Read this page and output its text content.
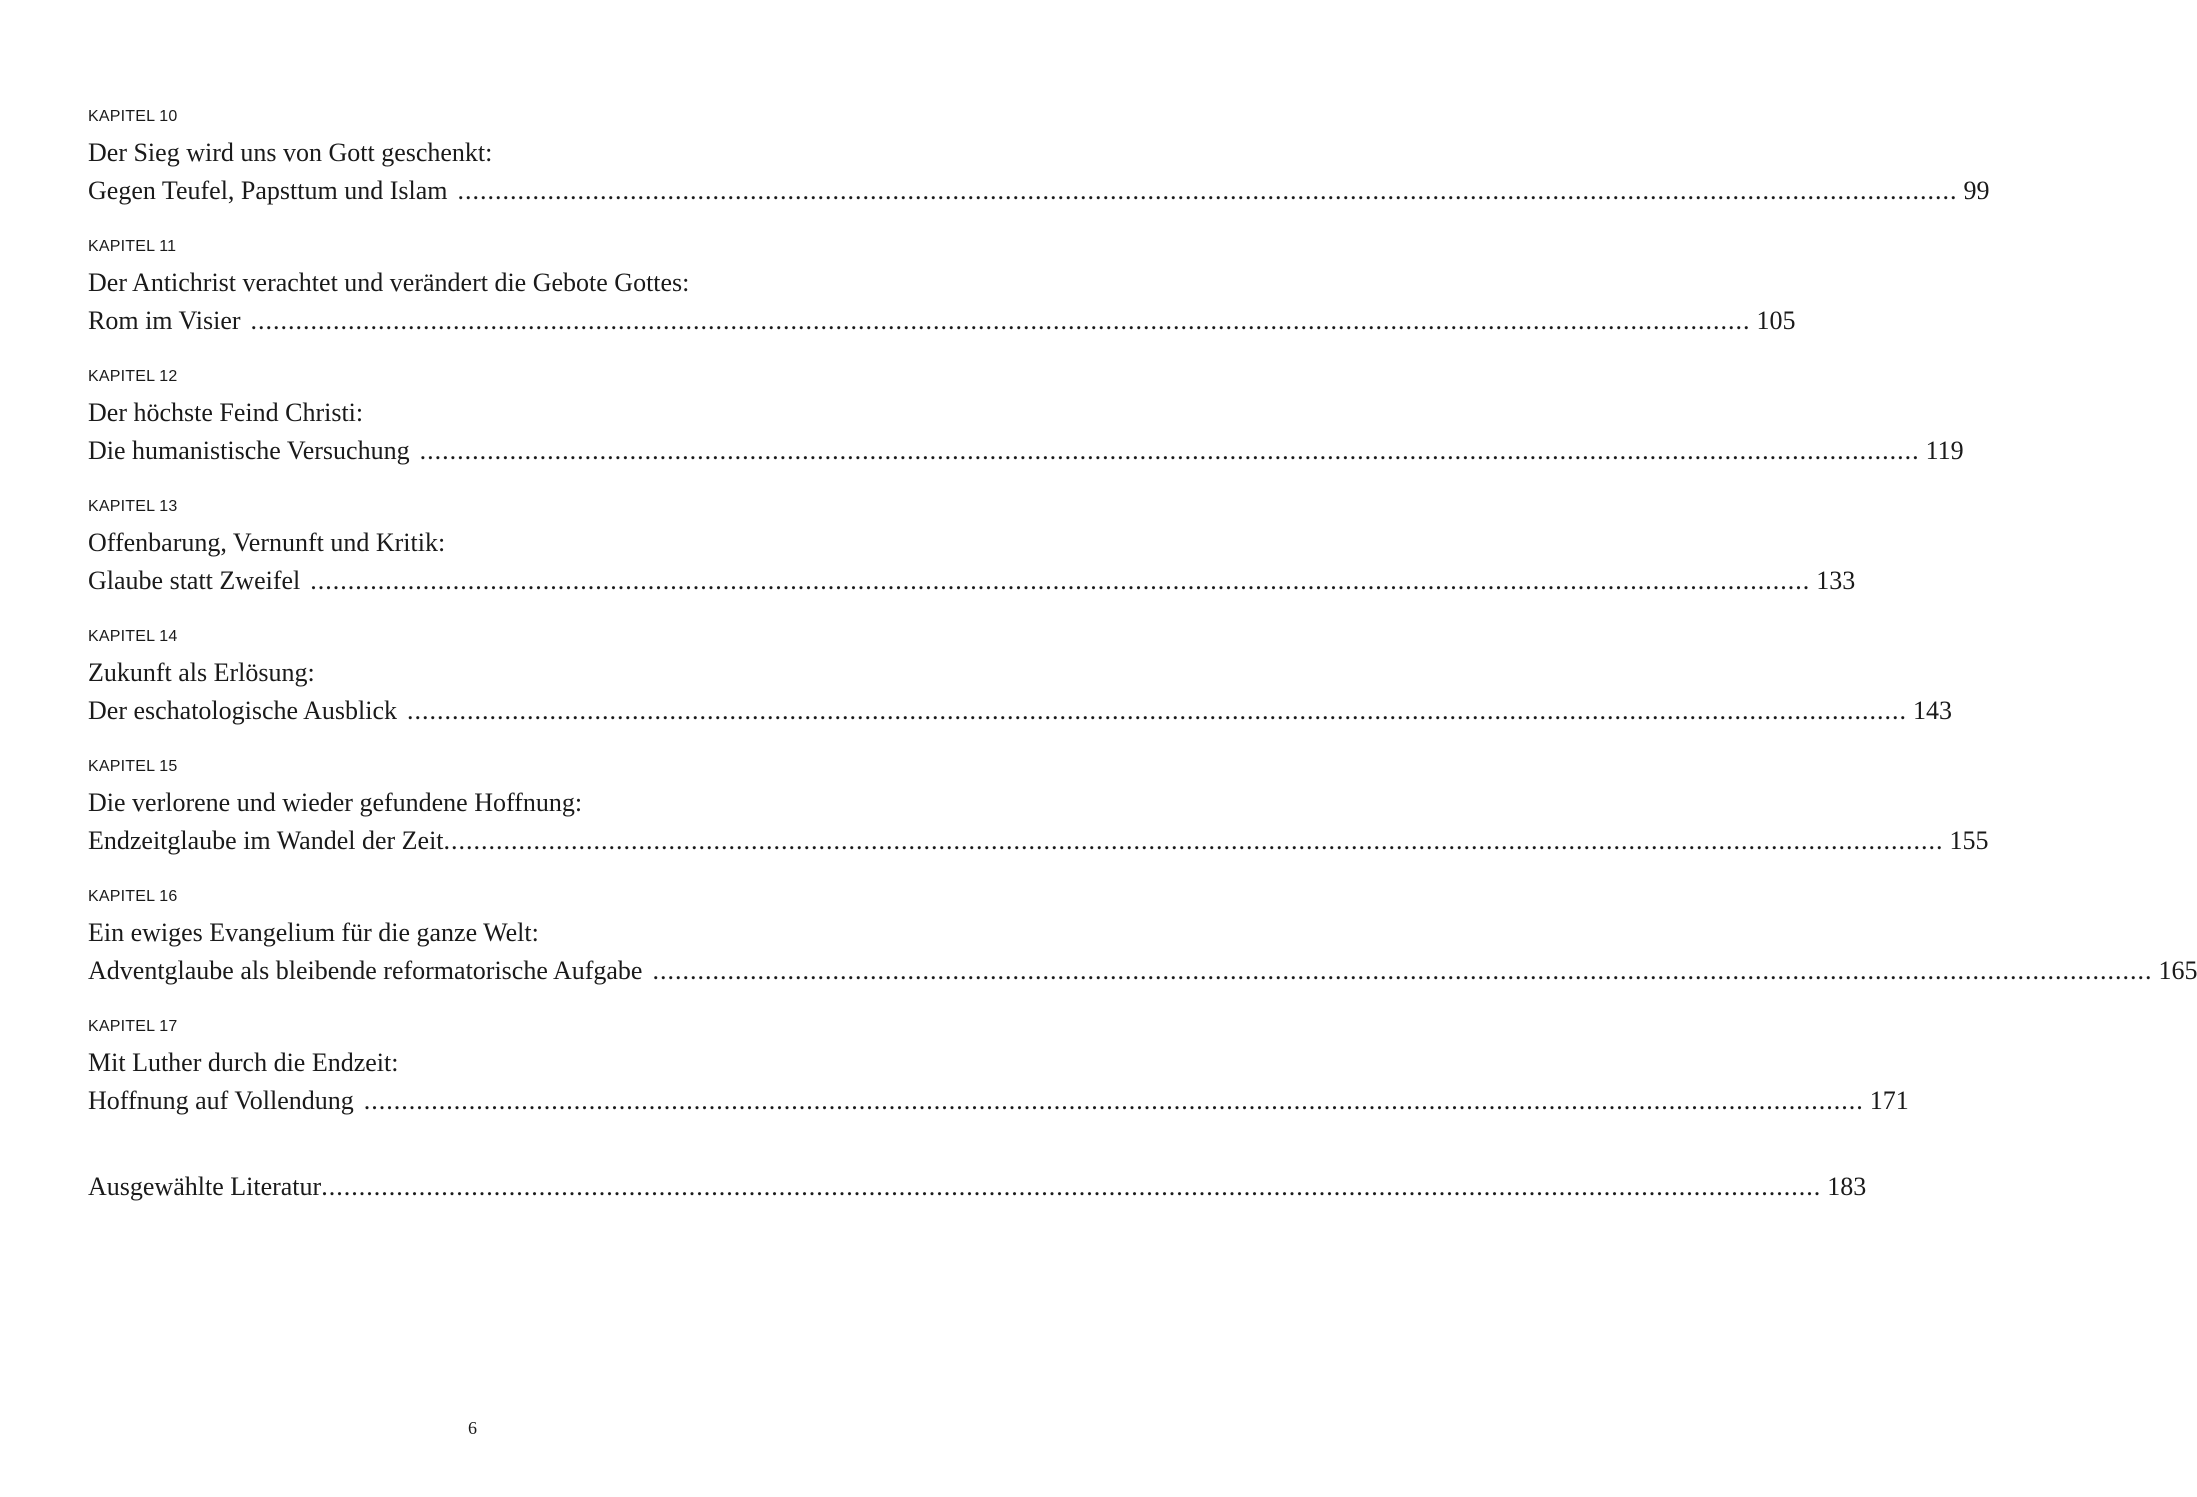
KAPITEL 10
Der Sieg wird uns von Gott geschenkt:
Gegen Teufel, Papsttum und Islam ........................................................................................................................................................................................................ 99
KAPITEL 11
Der Antichrist verachtet und verändert die Gebote Gottes:
Rom im Visier ........................................................................................................................................................................................................ 105
KAPITEL 12
Der höchste Feind Christi:
Die humanistische Versuchung ........................................................................................................................................................................................................ 119
KAPITEL 13
Offenbarung, Vernunft und Kritik:
Glaube statt Zweifel ........................................................................................................................................................................................................ 133
KAPITEL 14
Zukunft als Erlösung:
Der eschatologische Ausblick ........................................................................................................................................................................................................ 143
KAPITEL 15
Die verlorene und wieder gefundene Hoffnung:
Endzeitglaube im Wandel der Zeit ........................................................................................................................................................................................................ 155
KAPITEL 16
Ein ewiges Evangelium für die ganze Welt:
Adventglaube als bleibende reformatorische Aufgabe ........................................................................................................................................................................................................ 165
KAPITEL 17
Mit Luther durch die Endzeit:
Hoffnung auf Vollendung ........................................................................................................................................................................................................ 171
Ausgewählte Literatur ........................................................................................................................................................................................................ 183
6
